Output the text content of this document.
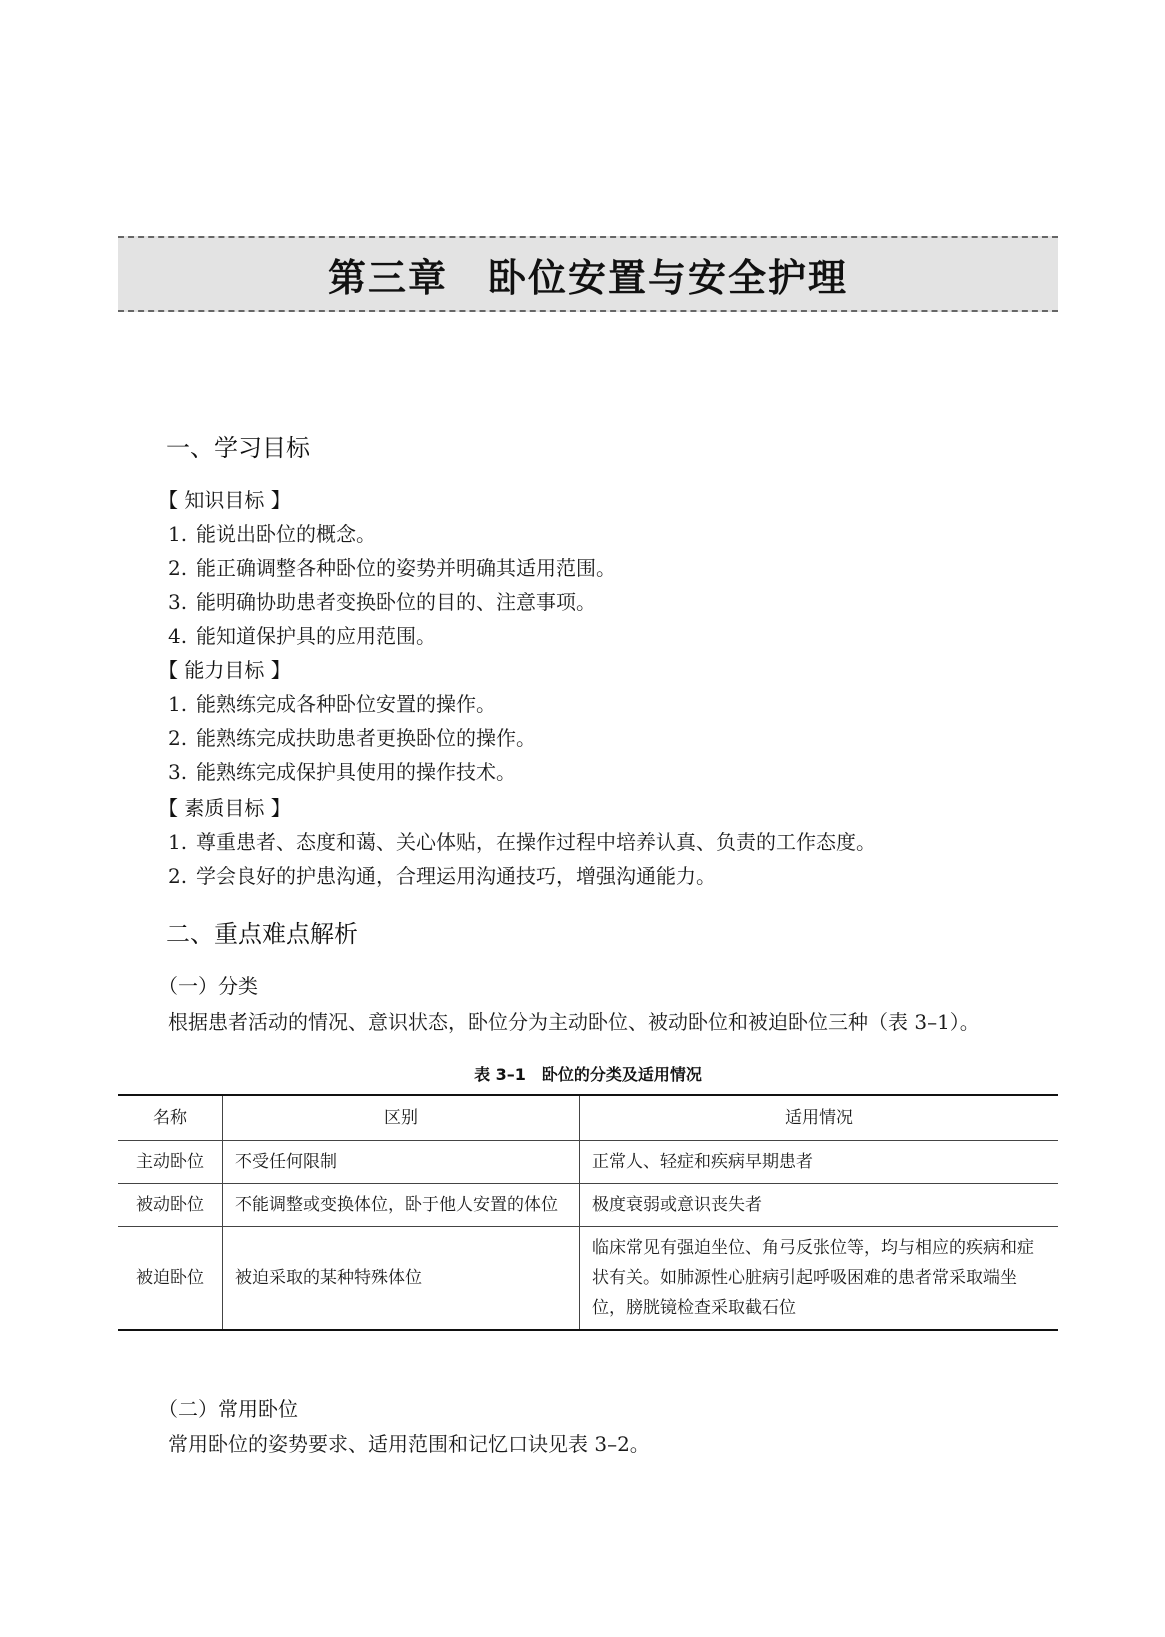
第三章　卧位安置与安全护理
一、学习目标
【 知识目标 】
1. 能说出卧位的概念。
2. 能正确调整各种卧位的姿势并明确其适用范围。
3. 能明确协助患者变换卧位的目的、注意事项。
4. 能知道保护具的应用范围。
【 能力目标 】
1. 能熟练完成各种卧位安置的操作。
2. 能熟练完成扶助患者更换卧位的操作。
3. 能熟练完成保护具使用的操作技术。
【 素质目标 】
1. 尊重患者、态度和蔼、关心体贴，在操作过程中培养认真、负责的工作态度。
2. 学会良好的护患沟通，合理运用沟通技巧，增强沟通能力。
二、重点难点解析
（一）分类
根据患者活动的情况、意识状态，卧位分为主动卧位、被动卧位和被迫卧位三种（表 3–1）。
表 3–1　卧位的分类及适用情况
名称	区别	适用情况
主动卧位	不受任何限制	正常人、轻症和疾病早期患者
被动卧位	不能调整或变换体位，卧于他人安置的体位	极度衰弱或意识丧失者
被迫卧位	被迫采取的某种特殊体位	临床常见有强迫坐位、角弓反张位等，均与相应的疾病和症状有关。如肺源性心脏病引起呼吸困难的患者常采取端坐位，膀胱镜检查采取截石位
（二）常用卧位
常用卧位的姿势要求、适用范围和记忆口诀见表 3–2。
